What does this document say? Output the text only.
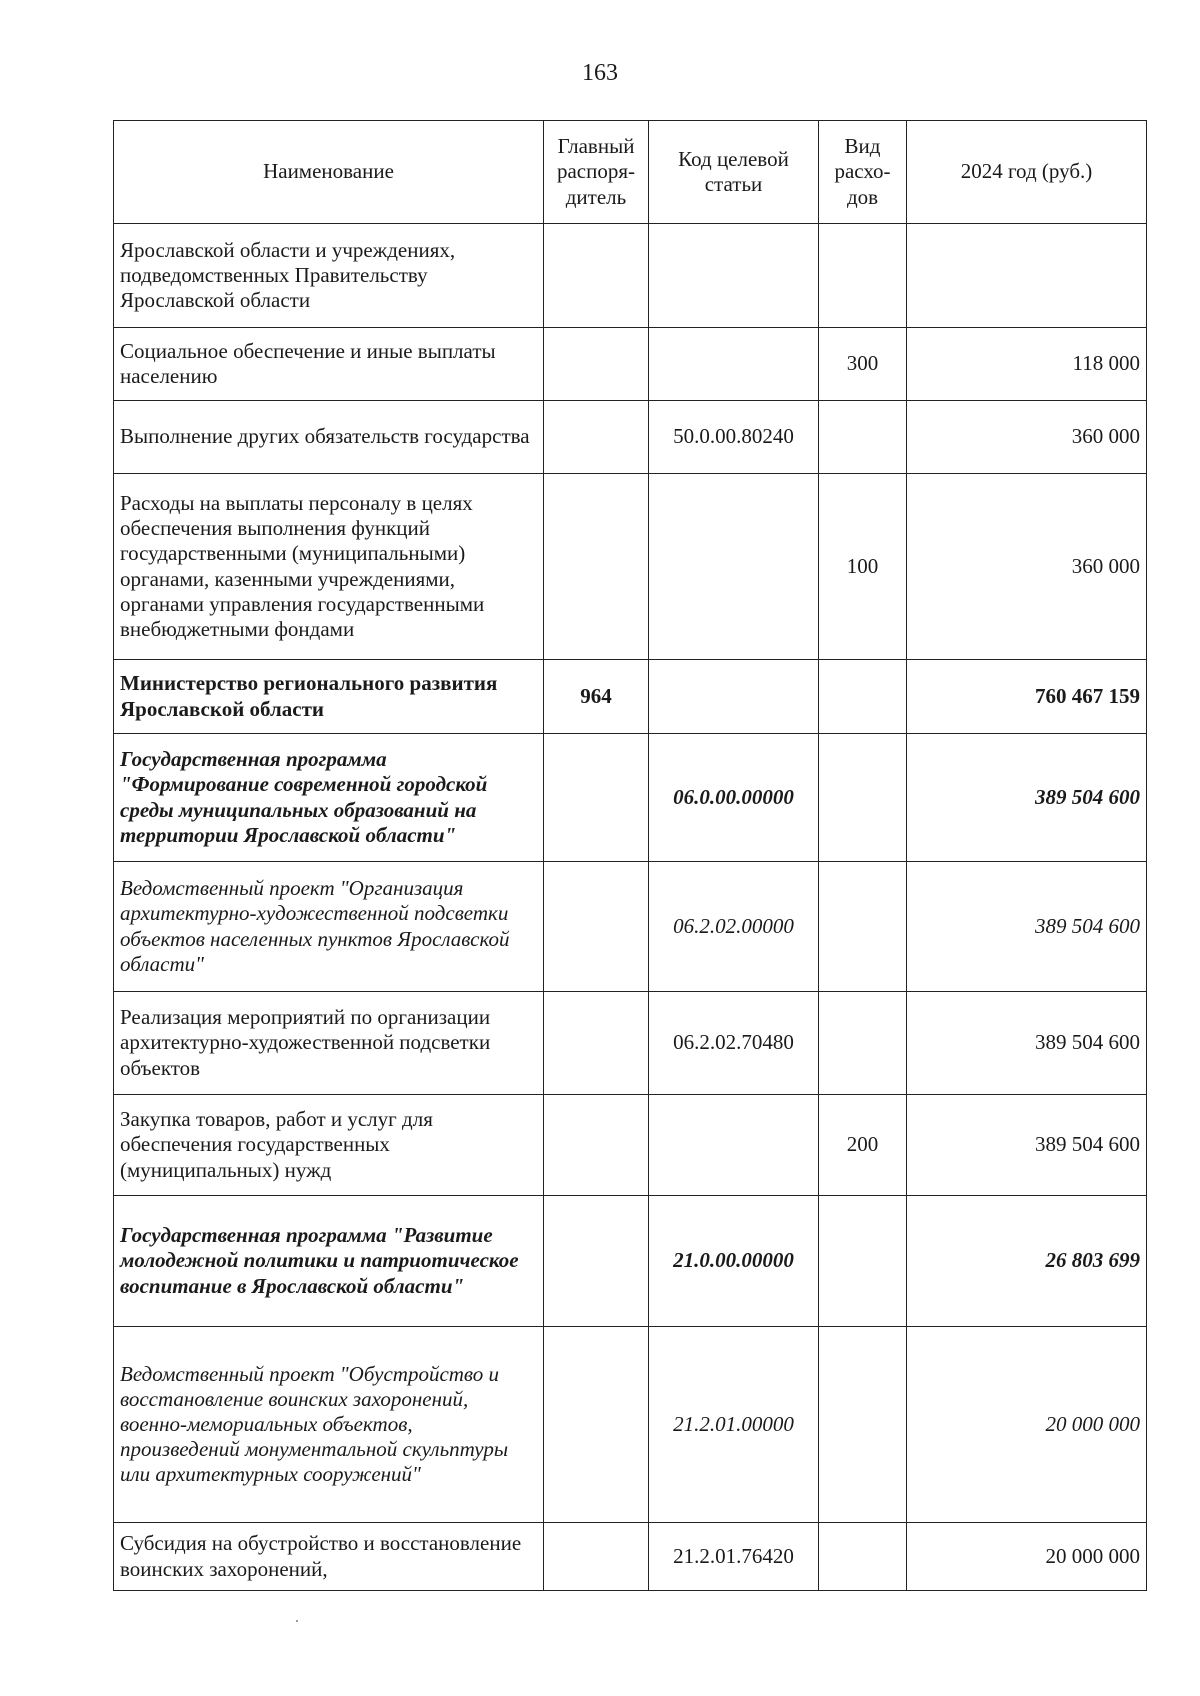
163
Наименование	Главный распоря-дитель	Код целевой статьи	Вид расхо-дов	2024 год (руб.)
Ярославской области и учреждениях, подведомственных Правительству Ярославской области				
Социальное обеспечение и иные выплаты населению			300	118 000
Выполнение других обязательств государства		50.0.00.80240		360 000
Расходы на выплаты персоналу в целях обеспечения выполнения функций государственными (муниципальными) органами, казенными учреждениями, органами управления государственными внебюджетными фондами			100	360 000
Министерство регионального развития Ярославской области	964			760 467 159
Государственная программа "Формирование современной городской среды муниципальных образований на территории Ярославской области"		06.0.00.00000		389 504 600
Ведомственный проект "Организация архитектурно-художественной подсветки объектов населенных пунктов Ярославской области"		06.2.02.00000		389 504 600
Реализация мероприятий по организации архитектурно-художественной подсветки объектов		06.2.02.70480		389 504 600
Закупка товаров, работ и услуг для обеспечения государственных (муниципальных) нужд			200	389 504 600
Государственная программа "Развитие молодежной политики и патриотическое воспитание в Ярославской области"		21.0.00.00000		26 803 699
Ведомственный проект "Обустройство и восстановление воинских захоронений, военно-мемориальных объектов, произведений монументальной скульптуры или архитектурных сооружений"		21.2.01.00000		20 000 000
Субсидия на обустройство и восстановление воинских захоронений,		21.2.01.76420		20 000 000
